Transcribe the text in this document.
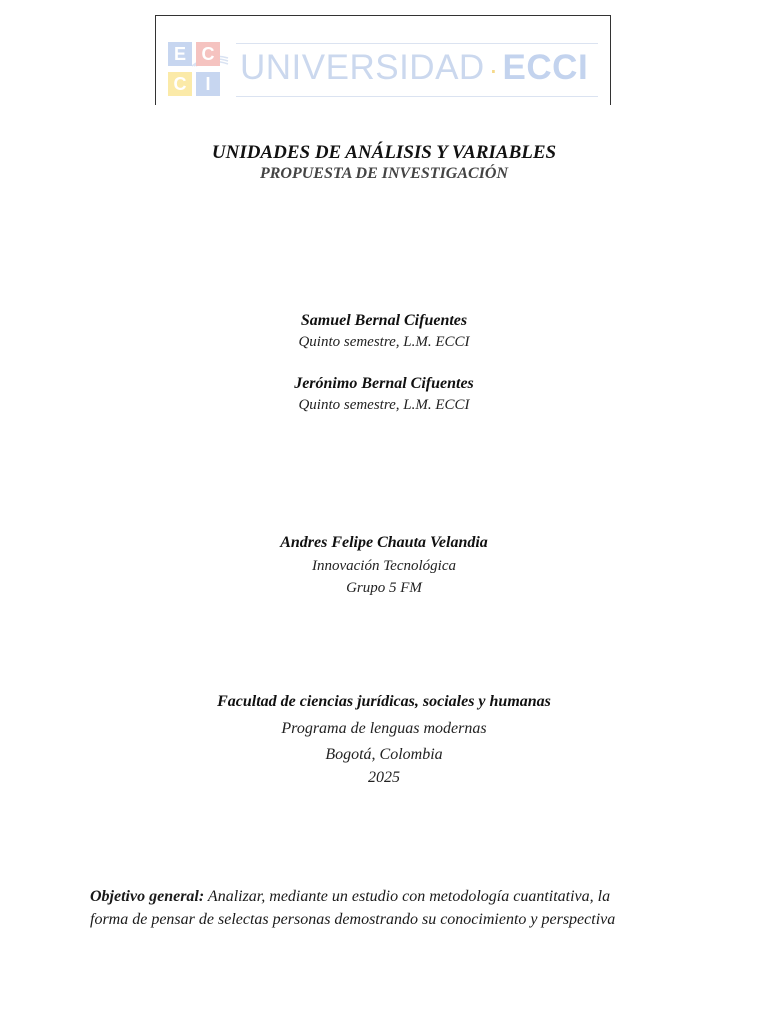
E C
C	I UNIVERSIDAD · ECCI
UNIDADES DE ANÁLISIS Y VARIABLES
PROPUESTA DE INVESTIGACIÓN
Samuel Bernal Cifuentes
Quinto semestre, L.M. ECCI
Jerónimo Bernal Cifuentes
Quinto semestre, L.M. ECCI
Andres Felipe Chauta Velandia
Innovación Tecnológica
Grupo 5 FM
Facultad de ciencias jurídicas, sociales y humanas
Programa de lenguas modernas
Bogotá, Colombia
2025
Objetivo general: Analizar, mediante un estudio con metodología cuantitativa, la forma de pensar de selectas personas demostrando su conocimiento y perspectiva
